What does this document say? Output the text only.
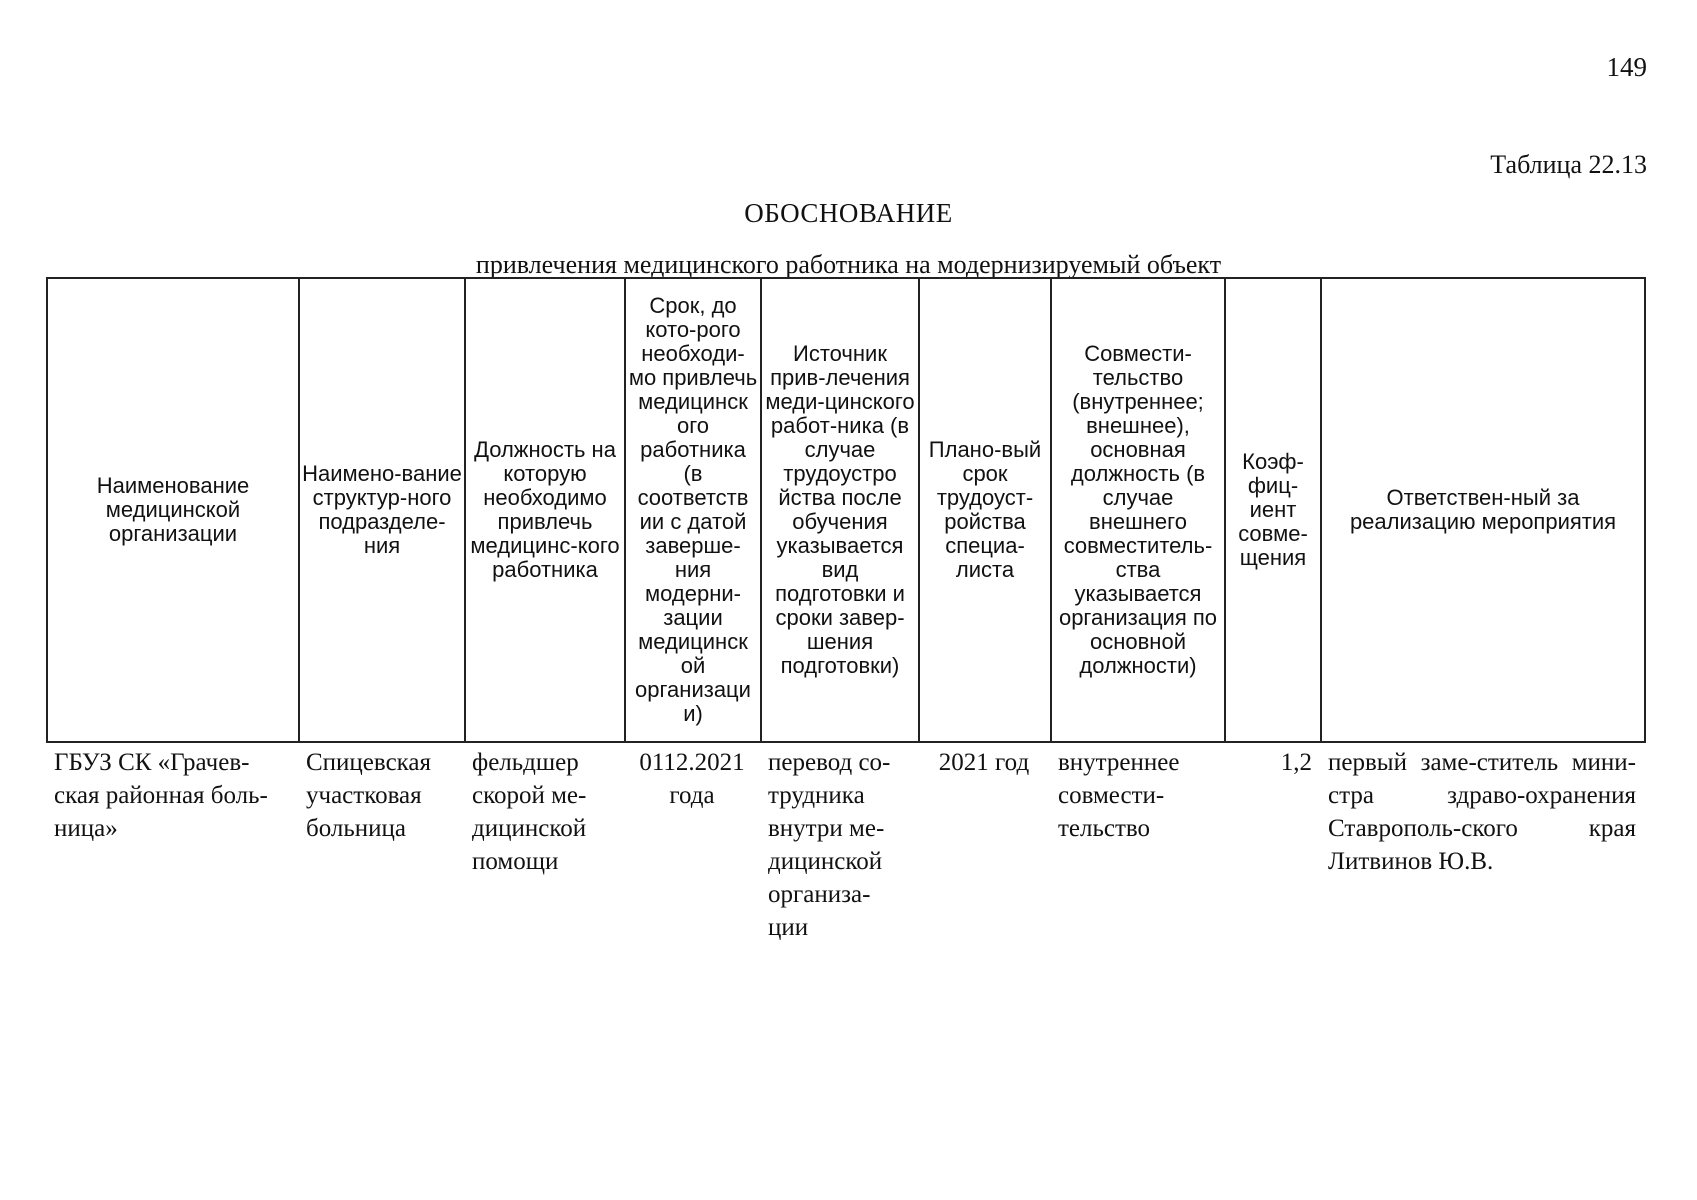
149
Таблица 22.13
ОБОСНОВАНИЕ
привлечения медицинского работника на модернизируемый объект
Наименование медицинской организации	Наимено-вание структур-ного подразделе-ния	Должность на которую необходимо привлечь медицинс-кого работника	Срок, до кото-рого необходи-мо привлечь медицинск ого работника (в соответств ии с датой заверше-ния модерни-зации медицинск ой организаци и)	Источник прив-лечения меди-цинского работ-ника (в случае трудоустро йства после обучения указывается вид подготовки и сроки завер-шения подготовки)	Плано-вый срок трудоуст-ройства специа-листа	Совмести-тельство (внутреннее; внешнее), основная должность (в случае внешнего совместитель-ства указывается организация по основной должности)	Коэф-фиц-иент совме-щения	Ответствен-ный за реализацию мероприятия
ГБУЗ СК «Грачев-ская районная боль-ница»	Спицевская участковая больница	фельдшер скорой ме-дицинской помощи	0112.2021 года	перевод со-трудника внутри ме-дицинской организа-ции	2021 год	внутреннее совмести-тельство	1,2	первый заме-ститель мини-стра здраво-охранения Ставрополь-ского края Литвинов Ю.В.
